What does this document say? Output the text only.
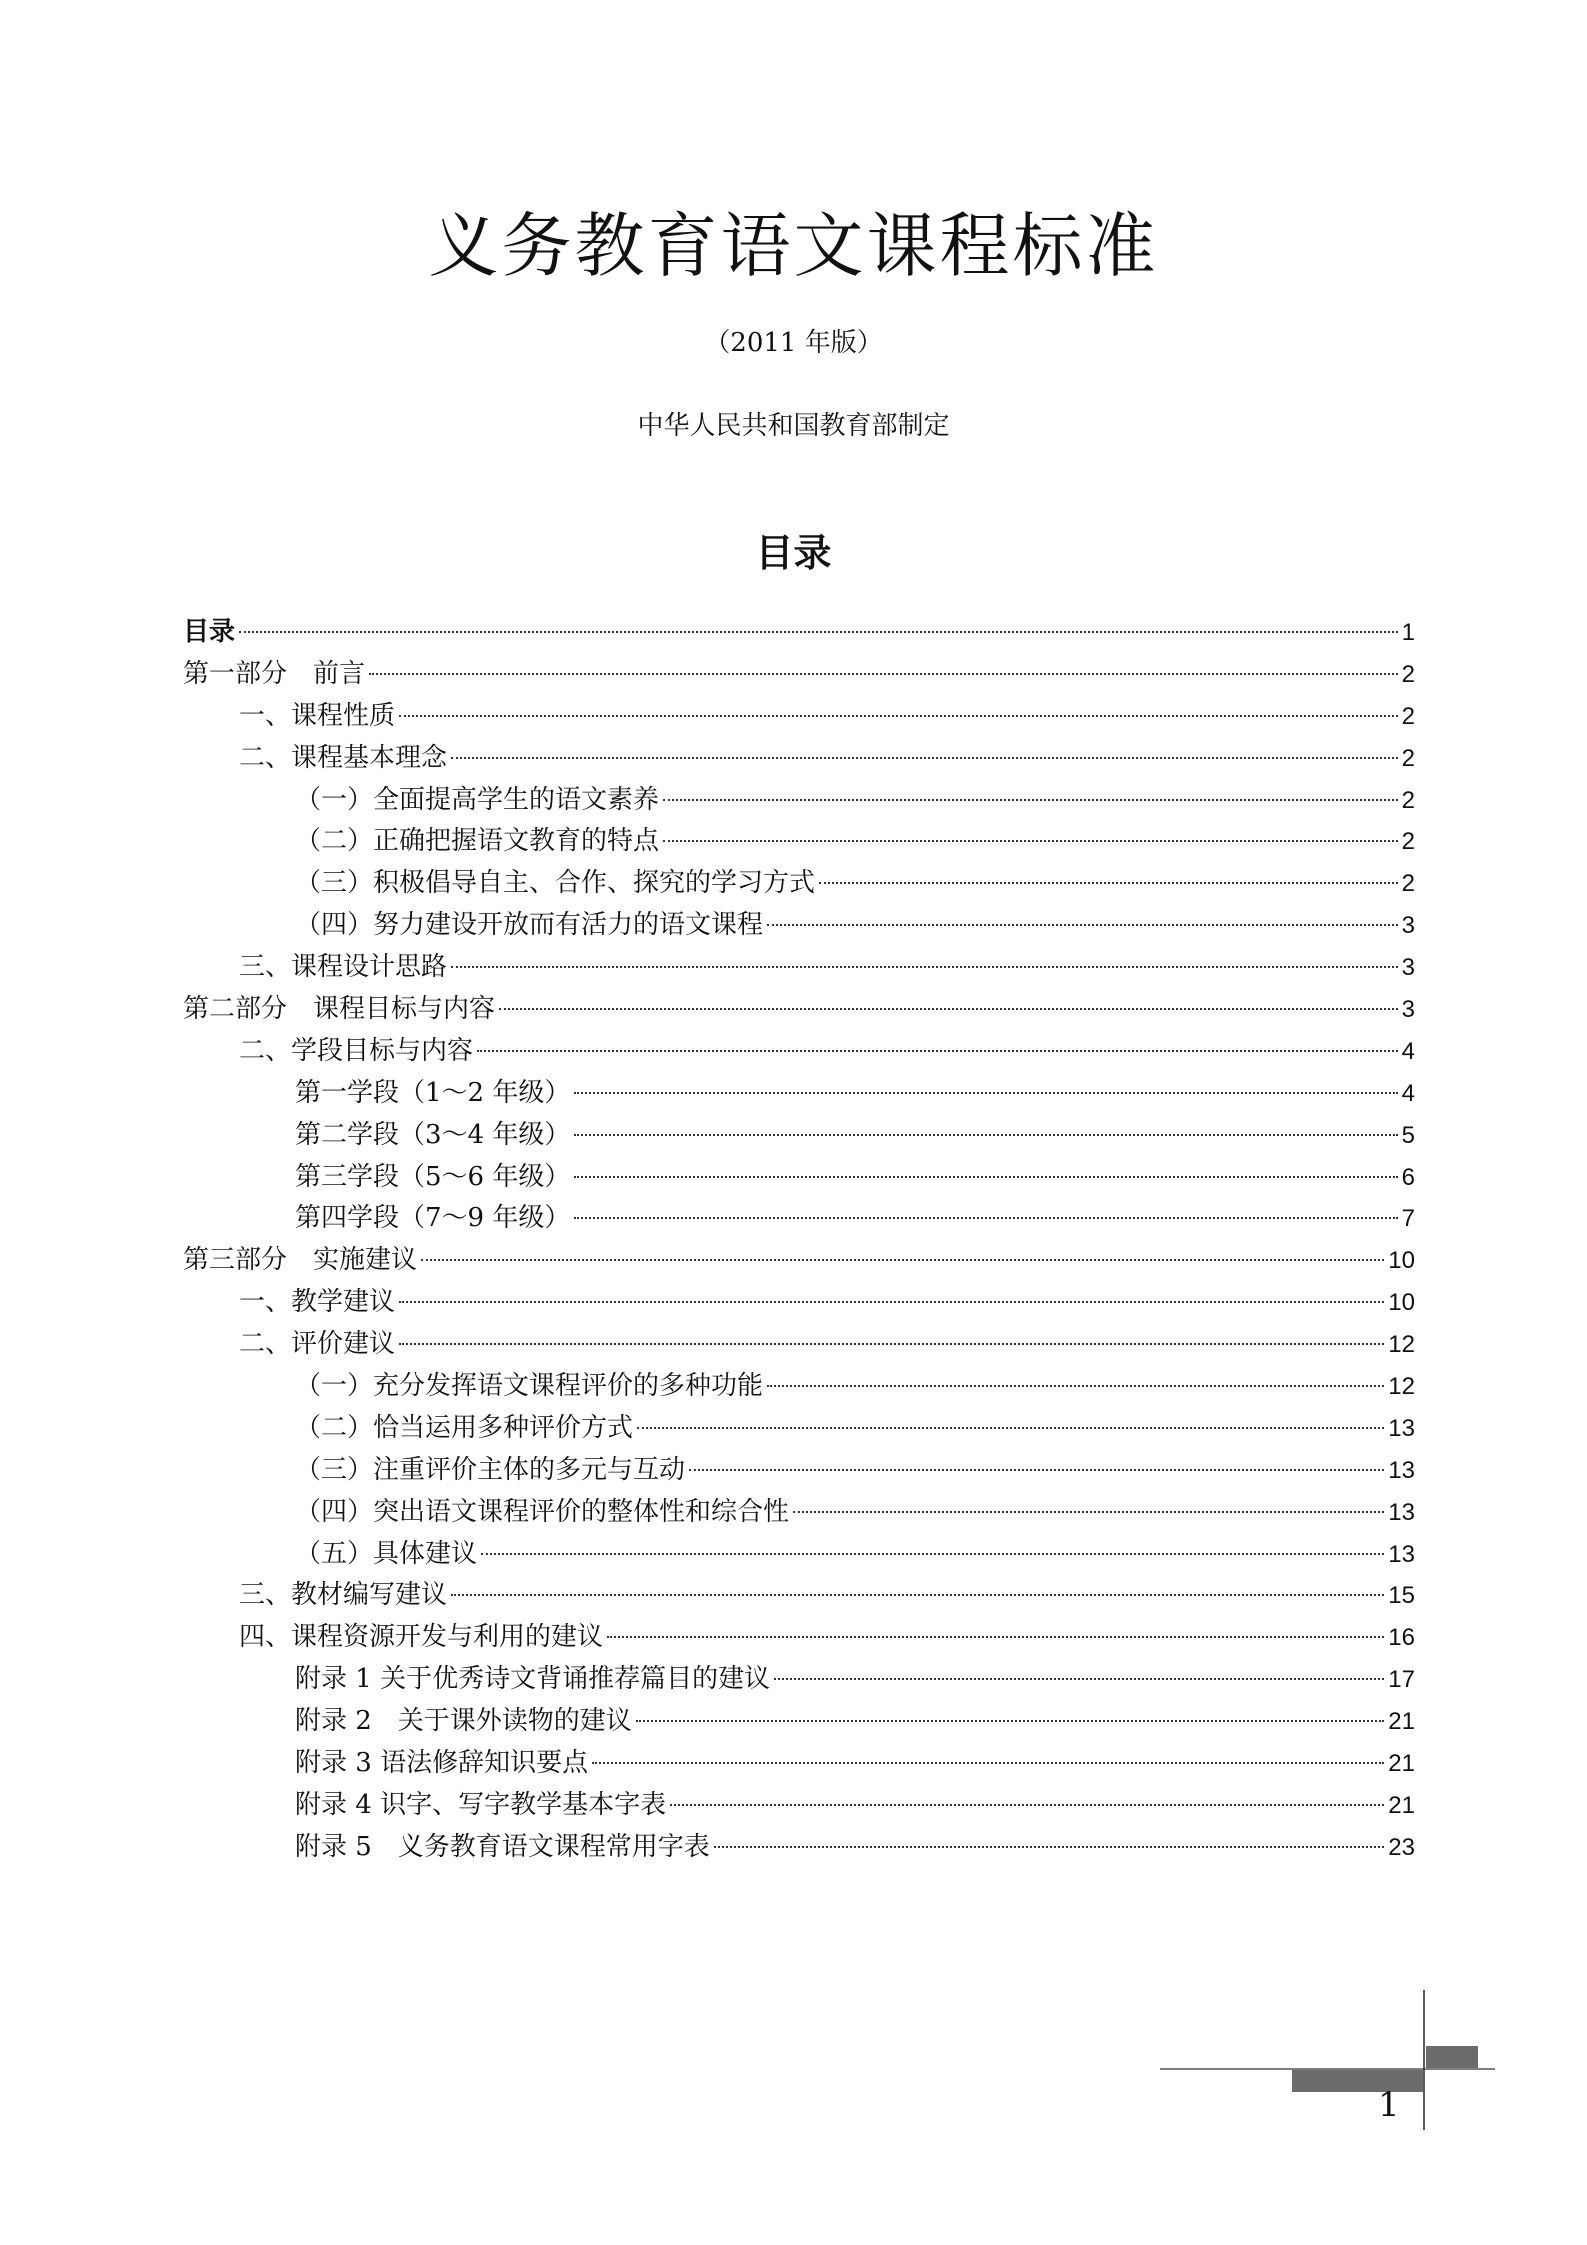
义务教育语文课程标准
（2011 年版）
中华人民共和国教育部制定
目录
目录	1
第一部分　前言	2
一、课程性质	2
二、课程基本理念	2
（一）全面提高学生的语文素养	2
（二）正确把握语文教育的特点	2
（三）积极倡导自主、合作、探究的学习方式	2
（四）努力建设开放而有活力的语文课程	3
三、课程设计思路	3
第二部分　课程目标与内容	3
二、学段目标与内容	4
第一学段（1～2 年级）	4
第二学段（3～4 年级）	5
第三学段（5～6 年级）	6
第四学段（7～9 年级）	7
第三部分　实施建议	10
一、教学建议	10
二、评价建议	12
（一）充分发挥语文课程评价的多种功能	12
（二）恰当运用多种评价方式	13
（三）注重评价主体的多元与互动	13
（四）突出语文课程评价的整体性和综合性	13
（五）具体建议	13
三、教材编写建议	15
四、课程资源开发与利用的建议	16
附录 1 关于优秀诗文背诵推荐篇目的建议	17
附录 2　关于课外读物的建议	21
附录 3 语法修辞知识要点	21
附录 4 识字、写字教学基本字表	21
附录 5　义务教育语文课程常用字表	23
1
